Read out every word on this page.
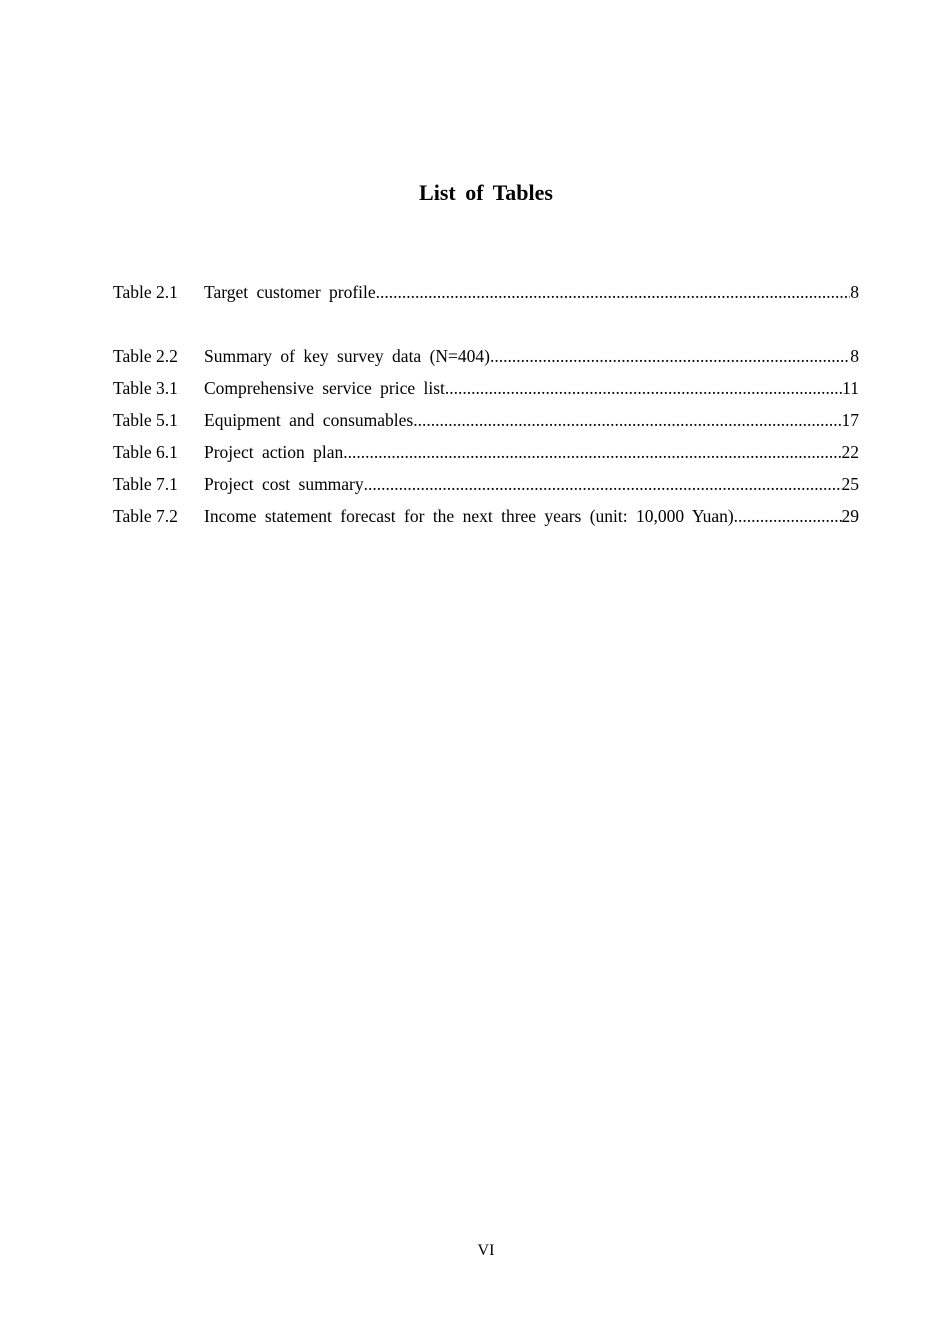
List of Tables
Table 2.1	Target customer profile .....	8
Table 2.2	Summary of key survey data (N=404) .....	8
Table 3.1	Comprehensive service price list .....	11
Table 5.1	Equipment and consumables .....	17
Table 6.1	Project action plan .....	22
Table 7.1	Project cost summary .....	25
Table 7.2	Income statement forecast for the next three years (unit: 10,000 Yuan) .....	29
VI
